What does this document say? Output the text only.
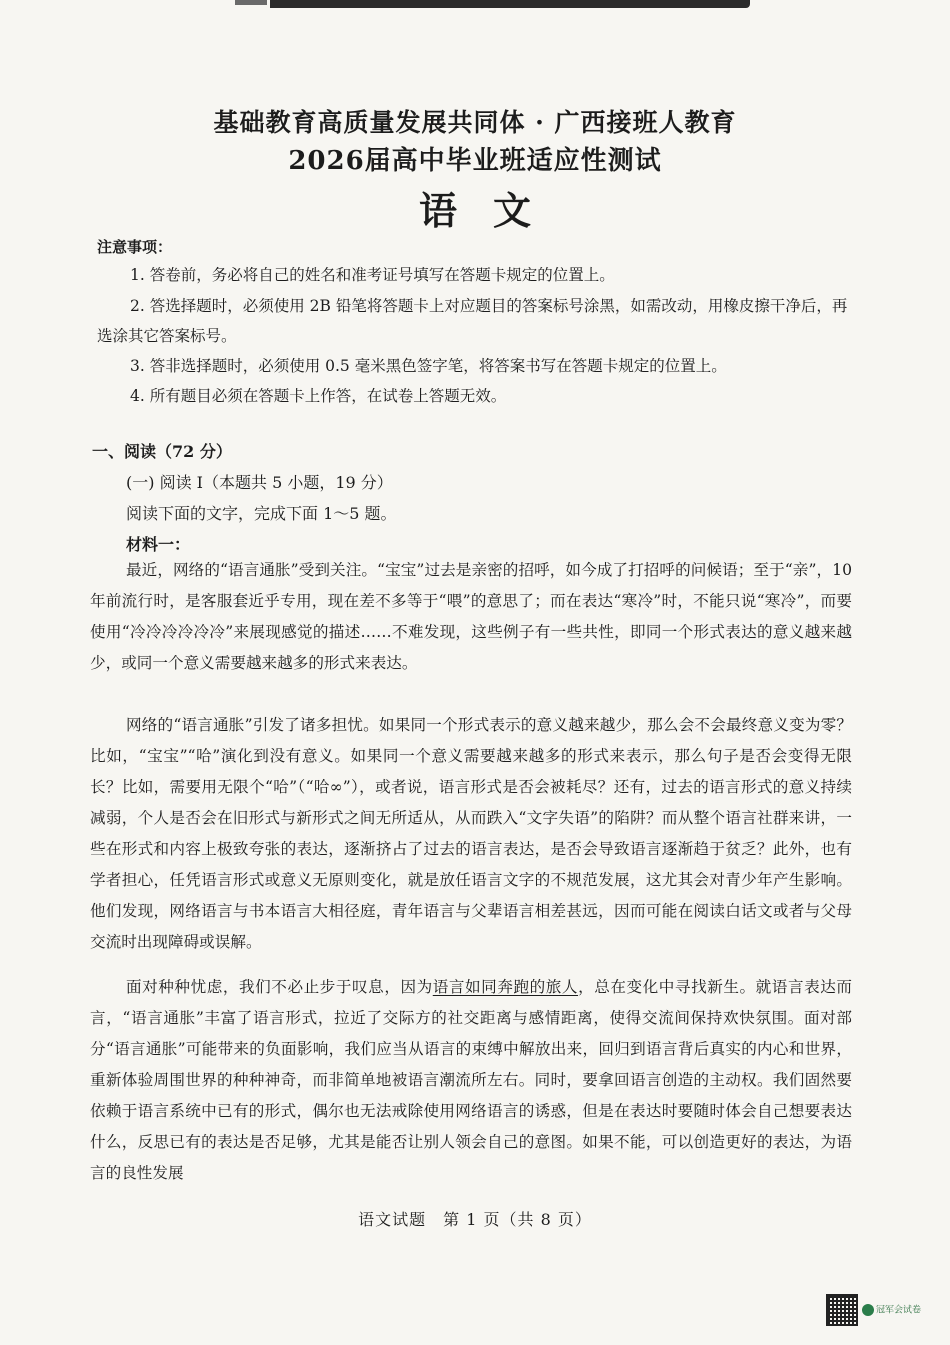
基础教育高质量发展共同体 · 广西接班人教育
2026届高中毕业班适应性测试
语文
注意事项：

1. 答卷前，务必将自己的姓名和准考证号填写在答题卡规定的位置上。

2. 答选择题时，必须使用 2B 铅笔将答题卡上对应题目的答案标号涂黑，如需改动，用橡皮擦干净后，再选涂其它答案标号。

3. 答非选择题时，必须使用 0.5 毫米黑色签字笔，将答案书写在答题卡规定的位置上。

4. 所有题目必须在答题卡上作答，在试卷上答题无效。

一、阅读（72 分）

(一) 阅读 I（本题共 5 小题，19 分）

阅读下面的文字，完成下面 1～5 题。

材料一：

最近，网络的“语言通胀”受到关注。“宝宝”过去是亲密的招呼，如今成了打招呼的问候语；至于“亲”，10 年前流行时，是客服套近乎专用，现在差不多等于“喂”的意思了；而在表达“寒冷”时，不能只说“寒冷”，而要使用“冷冷冷冷冷冷”来展现感觉的描述……不难发现，这些例子有一些共性，即同一个形式表达的意义越来越少，或同一个意义需要越来越多的形式来表达。

网络的“语言通胀”引发了诸多担忧。如果同一个形式表示的意义越来越少，那么会不会最终意义变为零？比如，“宝宝”“哈”演化到没有意义。如果同一个意义需要越来越多的形式来表示，那么句子是否会变得无限长？比如，需要用无限个“哈”（“哈∞”），或者说，语言形式是否会被耗尽？还有，过去的语言形式的意义持续减弱，个人是否会在旧形式与新形式之间无所适从，从而跌入“文字失语”的陷阱？而从整个语言社群来讲，一些在形式和内容上极致夸张的表达，逐渐挤占了过去的语言表达，是否会导致语言逐渐趋于贫乏？此外，也有学者担心，任凭语言形式或意义无原则变化，就是放任语言文字的不规范发展，这尤其会对青少年产生影响。他们发现，网络语言与书本语言大相径庭，青年语言与父辈语言相差甚远，因而可能在阅读白话文或者与父母交流时出现障碍或误解。

面对种种忧虑，我们不必止步于叹息，因为语言如同奔跑的旅人，总在变化中寻找新生。就语言表达而言，“语言通胀”丰富了语言形式，拉近了交际方的社交距离与感情距离，使得交流间保持欢快氛围。面对部分“语言通胀”可能带来的负面影响，我们应当从语言的束缚中解放出来，回归到语言背后真实的内心和世界，重新体验周围世界的种种神奇，而非简单地被语言潮流所左右。同时，要拿回语言创造的主动权。我们固然要依赖于语言系统中已有的形式，偶尔也无法戒除使用网络语言的诱惑，但是在表达时要随时体会自己想要表达什么，反思已有的表达是否足够，尤其是能否让别人领会自己的意图。如果不能，可以创造更好的表达，为语言的良性发展

语文试题　第 1 页（共 8 页）
冠军会试卷
